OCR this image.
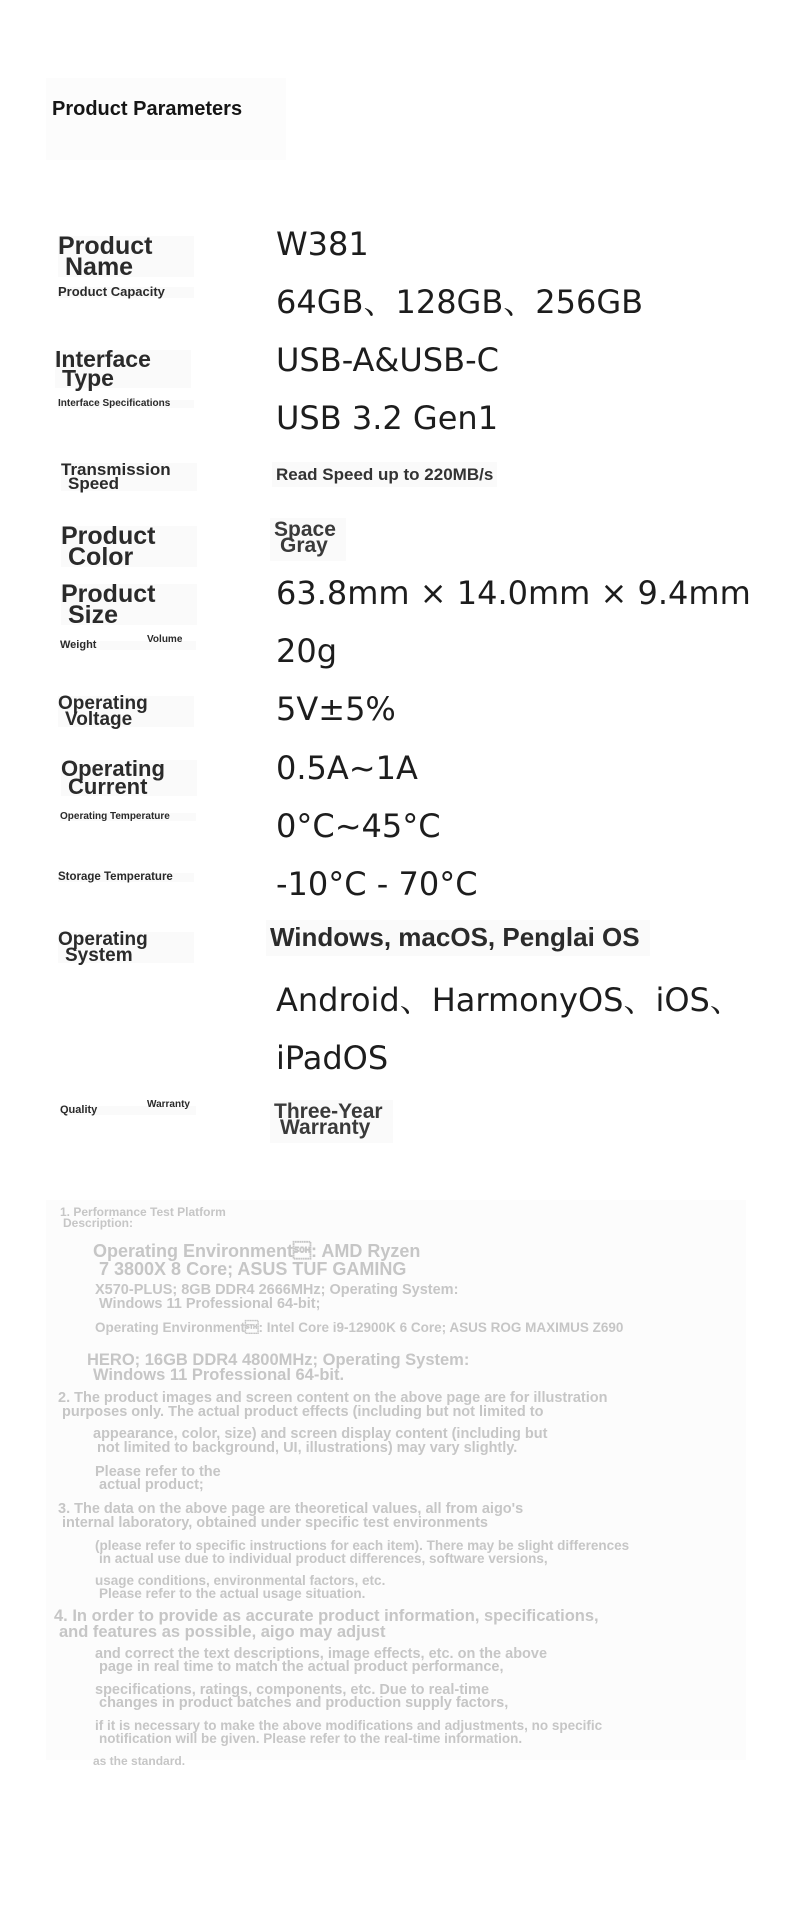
Product Parameters
Product
Name
Product Capacity
Interface
Type
Interface Specifications
Transmission
Speed
Product
Color
Product
Size
Weight	Volume
Operating
Voltage
Operating
Current
Operating Temperature
Storage Temperature
Operating
System
Quality	Warranty
W381
64GB、128GB、256GB
USB-A&USB-C
USB 3.2 Gen1
Read Speed up to 220MB/s
Space
Gray
63.8mm × 14.0mm × 9.4mm
20g
5V±5%
0.5A~1A
0°C~45°C
-10°C - 70°C
Windows, macOS, Penglai OS
Android、HarmonyOS、iOS、
iPadOS
Three-Year
Warranty
1. Performance Test Platform
Description:
Operating Environment: AMD Ryzen
7 3800X 8 Core; ASUS TUF GAMING
X570-PLUS; 8GB DDR4 2666MHz; Operating System:
Windows 11 Professional 64-bit;
Operating Environment: Intel Core i9-12900K 6 Core; ASUS ROG MAXIMUS Z690
HERO; 16GB DDR4 4800MHz; Operating System:
Windows 11 Professional 64-bit.
2. The product images and screen content on the above page are for illustration
purposes only. The actual product effects (including but not limited to
appearance, color, size) and screen display content (including but
not limited to background, UI, illustrations) may vary slightly.
Please refer to the
actual product;
3. The data on the above page are theoretical values, all from aigo's
internal laboratory, obtained under specific test environments
(please refer to specific instructions for each item). There may be slight differences
in actual use due to individual product differences, software versions,
usage conditions, environmental factors, etc.
Please refer to the actual usage situation.
4. In order to provide as accurate product information, specifications,
and features as possible, aigo may adjust
and correct the text descriptions, image effects, etc. on the above
page in real time to match the actual product performance,
specifications, ratings, components, etc. Due to real-time
changes in product batches and production supply factors,
if it is necessary to make the above modifications and adjustments, no specific
notification will be given. Please refer to the real-time information.
as the standard.
